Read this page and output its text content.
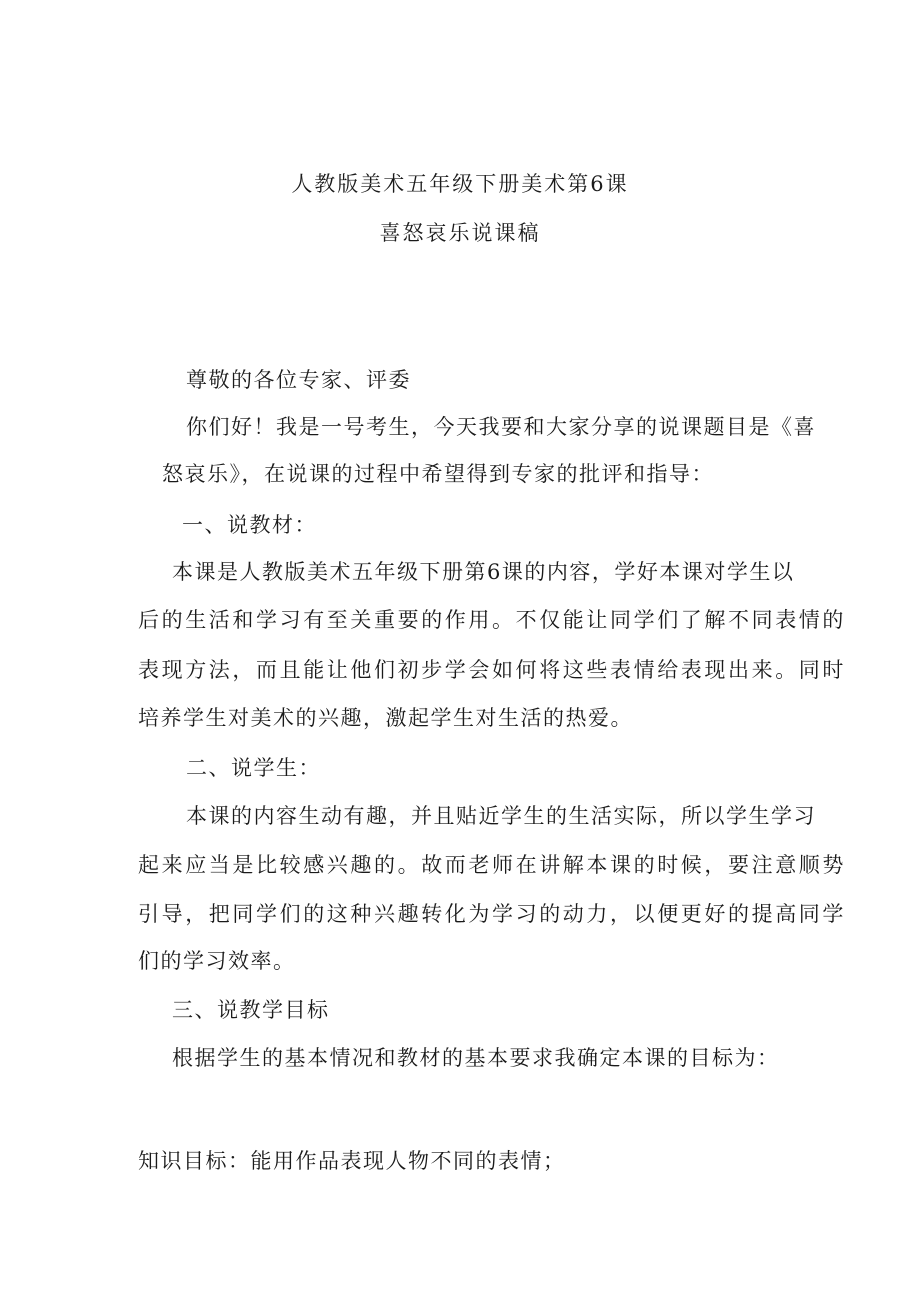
人教版美术五年级下册美术第6课
喜怒哀乐说课稿
尊敬的各位专家、评委
你们好！我是一号考生，今天我要和大家分享的说课题目是《喜
怒哀乐》，在说课的过程中希望得到专家的批评和指导：
一、说教材：
本课是人教版美术五年级下册第6课的内容，学好本课对学生以
后的生活和学习有至关重要的作用。不仅能让同学们了解不同表情的
表现方法，而且能让他们初步学会如何将这些表情给表现出来。同时
培养学生对美术的兴趣，激起学生对生活的热爱。
二、说学生：
本课的内容生动有趣，并且贴近学生的生活实际，所以学生学习
起来应当是比较感兴趣的。故而老师在讲解本课的时候，要注意顺势
引导，把同学们的这种兴趣转化为学习的动力，以便更好的提高同学
们的学习效率。
三、说教学目标
根据学生的基本情况和教材的基本要求我确定本课的目标为：
知识目标：能用作品表现人物不同的表情；
